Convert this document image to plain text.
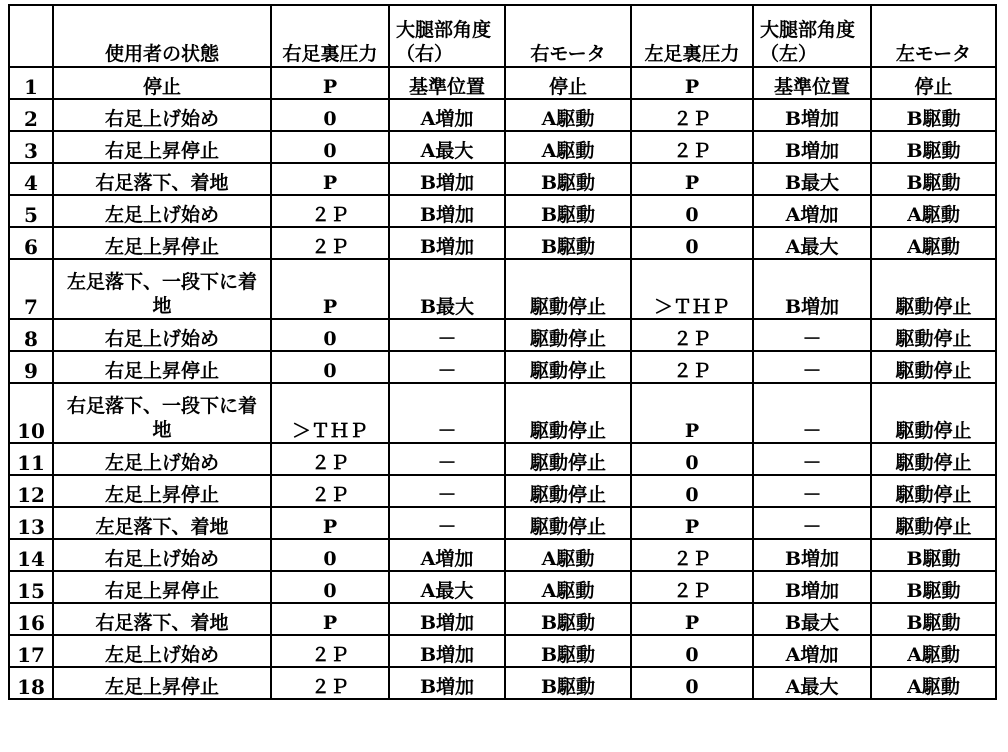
	使用者の状態	右足裏圧力	大腿部角度（右）	右モータ	左足裏圧力	大腿部角度（左）	左モータ
1	停止	P	基準位置	停止	P	基準位置	停止
2	右足上げ始め	0	A増加	A駆動	２Ｐ	B増加	B駆動
3	右足上昇停止	0	A最大	A駆動	２Ｐ	B増加	B駆動
4	右足落下、着地	P	B増加	B駆動	P	B最大	B駆動
5	左足上げ始め	２Ｐ	B増加	B駆動	0	A増加	A駆動
6	左足上昇停止	２Ｐ	B増加	B駆動	0	A最大	A駆動
7	左足落下、一段下に着地	P	B最大	駆動停止	＞ＴＨＰ	B増加	駆動停止
8	右足上げ始め	0	－	駆動停止	２Ｐ	－	駆動停止
9	右足上昇停止	0	－	駆動停止	２Ｐ	－	駆動停止
10	右足落下、一段下に着地	＞ＴＨＰ	－	駆動停止	P	－	駆動停止
11	左足上げ始め	２Ｐ	－	駆動停止	0	－	駆動停止
12	左足上昇停止	２Ｐ	－	駆動停止	0	－	駆動停止
13	左足落下、着地	P	－	駆動停止	P	－	駆動停止
14	右足上げ始め	0	A増加	A駆動	２Ｐ	B増加	B駆動
15	右足上昇停止	0	A最大	A駆動	２Ｐ	B増加	B駆動
16	右足落下、着地	P	B増加	B駆動	P	B最大	B駆動
17	左足上げ始め	２Ｐ	B増加	B駆動	0	A増加	A駆動
18	左足上昇停止	２Ｐ	B増加	B駆動	0	A最大	A駆動
